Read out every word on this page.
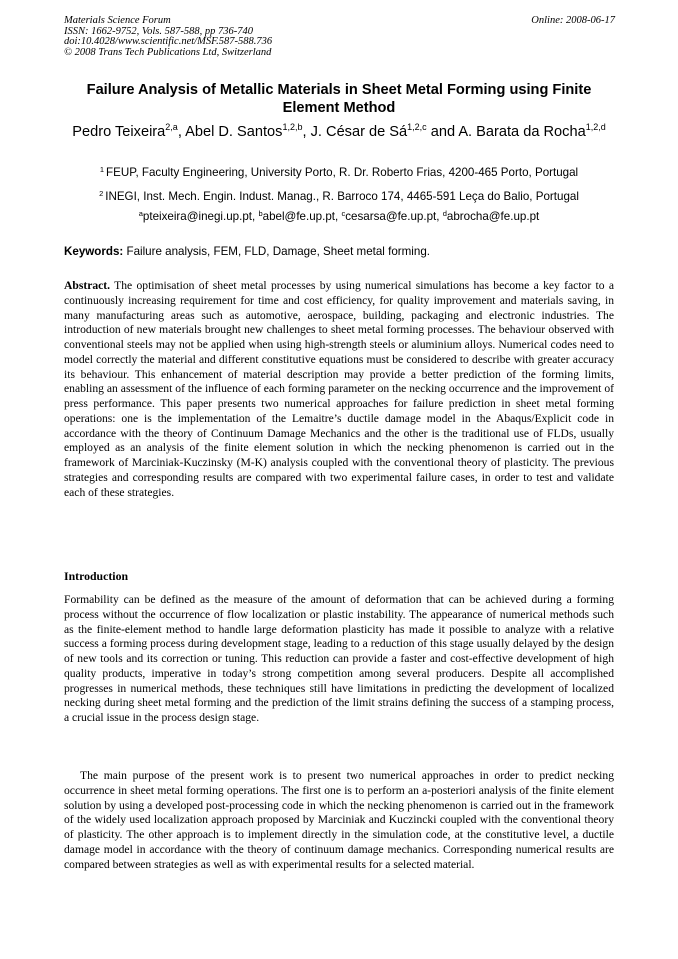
Materials Science Forum
ISSN: 1662-9752, Vols. 587-588, pp 736-740
doi:10.4028/www.scientific.net/MSF.587-588.736
© 2008 Trans Tech Publications Ltd, Switzerland
Online: 2008-06-17
Failure Analysis of Metallic Materials in Sheet Metal Forming using Finite Element Method
Pedro Teixeira$^{2,a}$, Abel D. Santos$^{1,2,b}$, J. César de Sá$^{1,2,c}$ and A. Barata da Rocha$^{1,2,d}$
$^1$ FEUP, Faculty Engineering, University Porto, R. Dr. Roberto Frias, 4200-465 Porto, Portugal
$^2$ INEGI, Inst. Mech. Engin. Indust. Manag., R. Barroco 174, 4465-591 Leça do Balio, Portugal
$^a$pteixeira@inegi.up.pt, $^b$abel@fe.up.pt, $^c$cesarsa@fe.up.pt, $^d$abrocha@fe.up.pt
Keywords: Failure analysis, FEM, FLD, Damage, Sheet metal forming.

Abstract. The optimisation of sheet metal processes by using numerical simulations has become a key factor to a continuously increasing requirement for time and cost efficiency, for quality improvement and materials saving, in many manufacturing areas such as automotive, aerospace, building, packaging and electronic industries. The introduction of new materials brought new challenges to sheet metal forming processes. The behaviour observed with conventional steels may not be applied when using high-strength steels or aluminium alloys. Numerical codes need to model correctly the material and different constitutive equations must be considered to describe with greater accuracy its behaviour. This enhancement of material description may provide a better prediction of the forming limits, enabling an assessment of the influence of each forming parameter on the necking occurrence and the improvement of press performance. This paper presents two numerical approaches for failure prediction in sheet metal forming operations: one is the implementation of the Lemaitre’s ductile damage model in the Abaqus/Explicit code in accordance with the theory of Continuum Damage Mechanics and the other is the traditional use of FLDs, usually employed as an analysis of the finite element solution in which the necking phenomenon is carried out in the framework of Marciniak-Kuczinsky (M-K) analysis coupled with the conventional theory of plasticity. The previous strategies and corresponding results are compared with two experimental failure cases, in order to test and validate each of these strategies.

Introduction

Formability can be defined as the measure of the amount of deformation that can be achieved during a forming process without the occurrence of flow localization or plastic instability. The appearance of numerical methods such as the finite-element method to handle large deformation plasticity has made it possible to analyze with a relative success a forming process during development stage, leading to a reduction of this stage usually delayed by the design of new tools and its correction or tuning. This reduction can provide a faster and cost-effective development of high quality products, imperative in today’s strong competition among several producers. Despite all accomplished progresses in numerical methods, these techniques still have limitations in predicting the development of localized necking during sheet metal forming and the prediction of the limit strains defining the success of a stamping process, a crucial issue in the process design stage.

The main purpose of the present work is to present two numerical approaches in order to predict necking occurrence in sheet metal forming operations. The first one is to perform an a-posteriori analysis of the finite element solution by using a developed post-processing code in which the necking phenomenon is carried out in the framework of the widely used localization approach proposed by Marciniak and Kuczincki coupled with the conventional theory of plasticity. The other approach is to implement directly in the simulation code, at the constitutive level, a ductile damage model in accordance with the theory of continuum damage mechanics. Corresponding numerical results are compared between strategies as well as with experimental results for a selected material.
